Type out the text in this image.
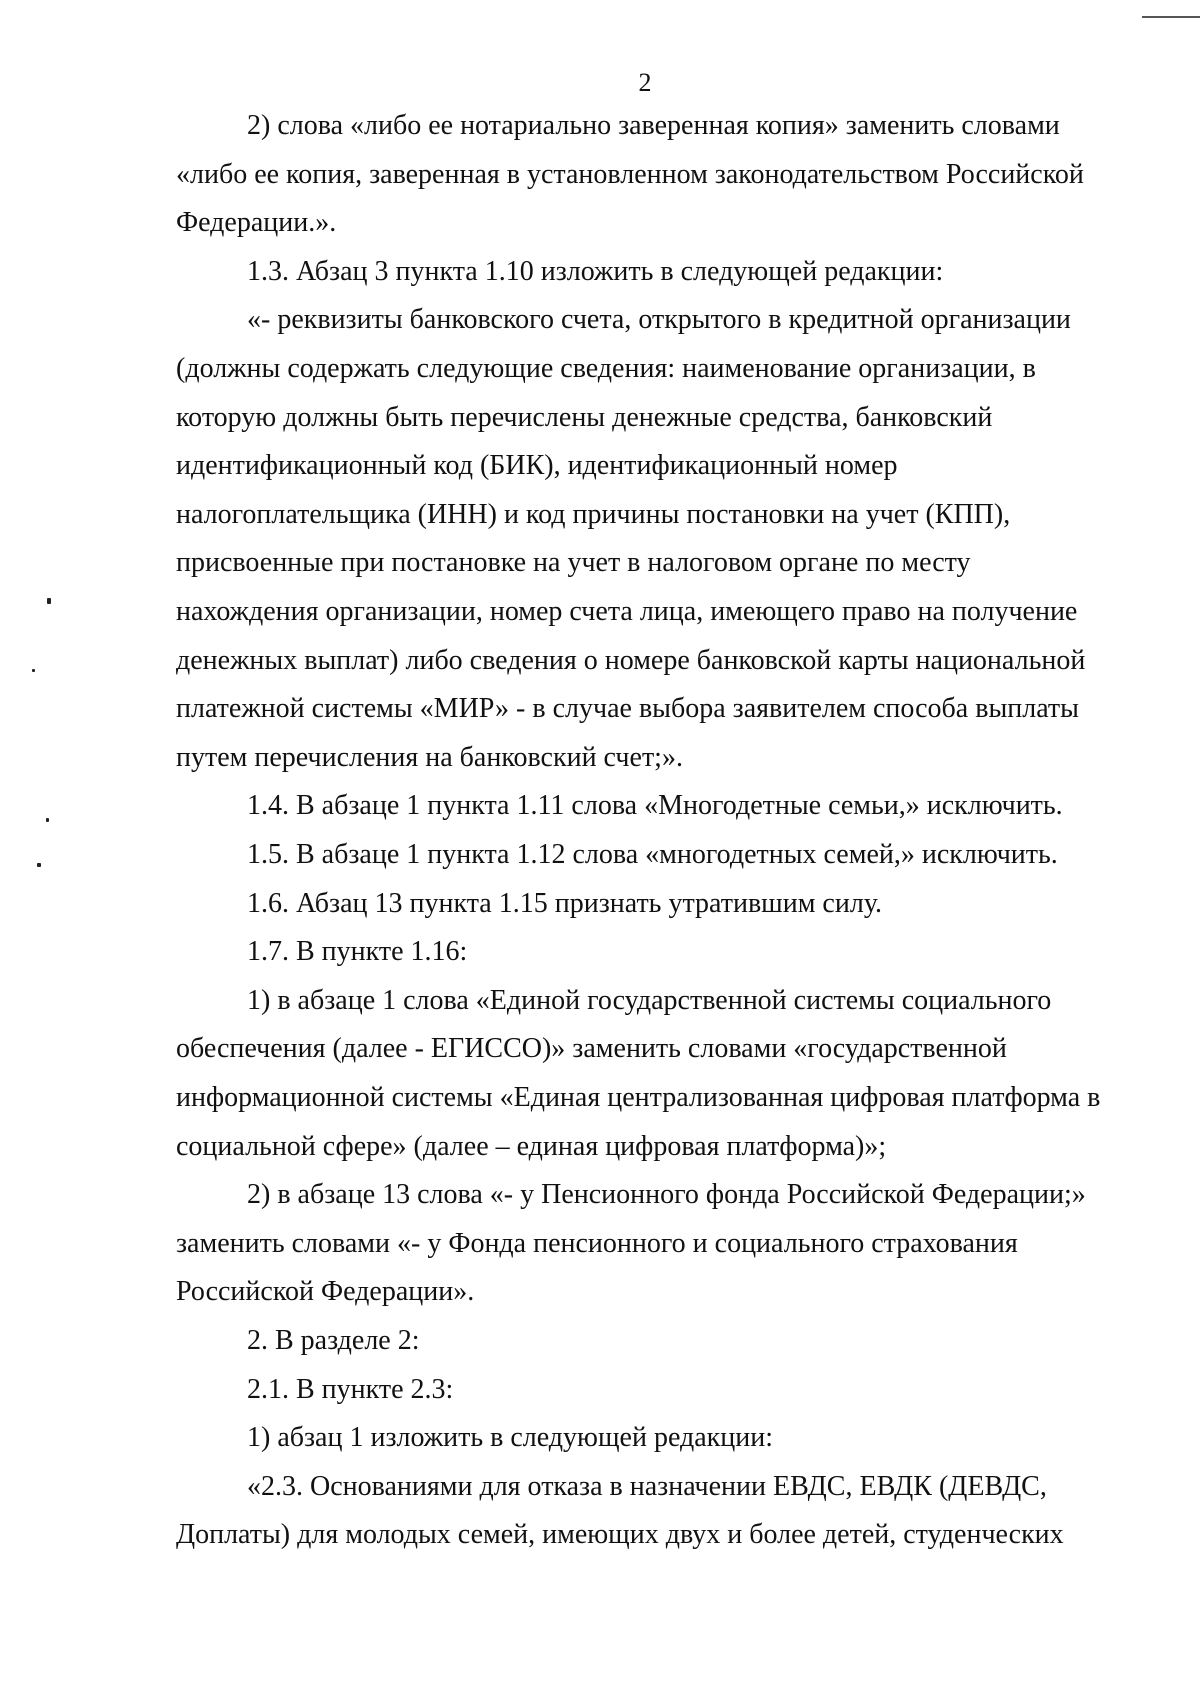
2
2) слова «либо ее нотариально заверенная копия» заменить словами
«либо ее копия, заверенная в установленном законодательством Российской
Федерации.».
1.3. Абзац 3 пункта 1.10 изложить в следующей редакции:
«- реквизиты банковского счета, открытого в кредитной организации
(должны содержать следующие сведения: наименование организации, в
которую должны быть перечислены денежные средства, банковский
идентификационный код (БИК), идентификационный номер
налогоплательщика (ИНН) и код причины постановки на учет (КПП),
присвоенные при постановке на учет в налоговом органе по месту
нахождения организации, номер счета лица, имеющего право на получение
денежных выплат) либо сведения о номере банковской карты национальной
платежной системы «МИР» - в случае выбора заявителем способа выплаты
путем перечисления на банковский счет;».
1.4. В абзаце 1 пункта 1.11 слова «Многодетные семьи,» исключить.
1.5. В абзаце 1 пункта 1.12 слова «многодетных семей,» исключить.
1.6. Абзац 13 пункта 1.15 признать утратившим силу.
1.7. В пункте 1.16:
1) в абзаце 1 слова «Единой государственной системы социального
обеспечения (далее - ЕГИССО)» заменить словами «государственной
информационной системы «Единая централизованная цифровая платформа в
социальной сфере» (далее – единая цифровая платформа)»;
2) в абзаце 13 слова «- у Пенсионного фонда Российской Федерации;»
заменить словами «- у Фонда пенсионного и социального страхования
Российской Федерации».
2. В разделе 2:
2.1. В пункте 2.3:
1) абзац 1 изложить в следующей редакции:
«2.3. Основаниями для отказа в назначении ЕВДС, ЕВДК (ДЕВДС,
Доплаты) для молодых семей, имеющих двух и более детей, студенческих
